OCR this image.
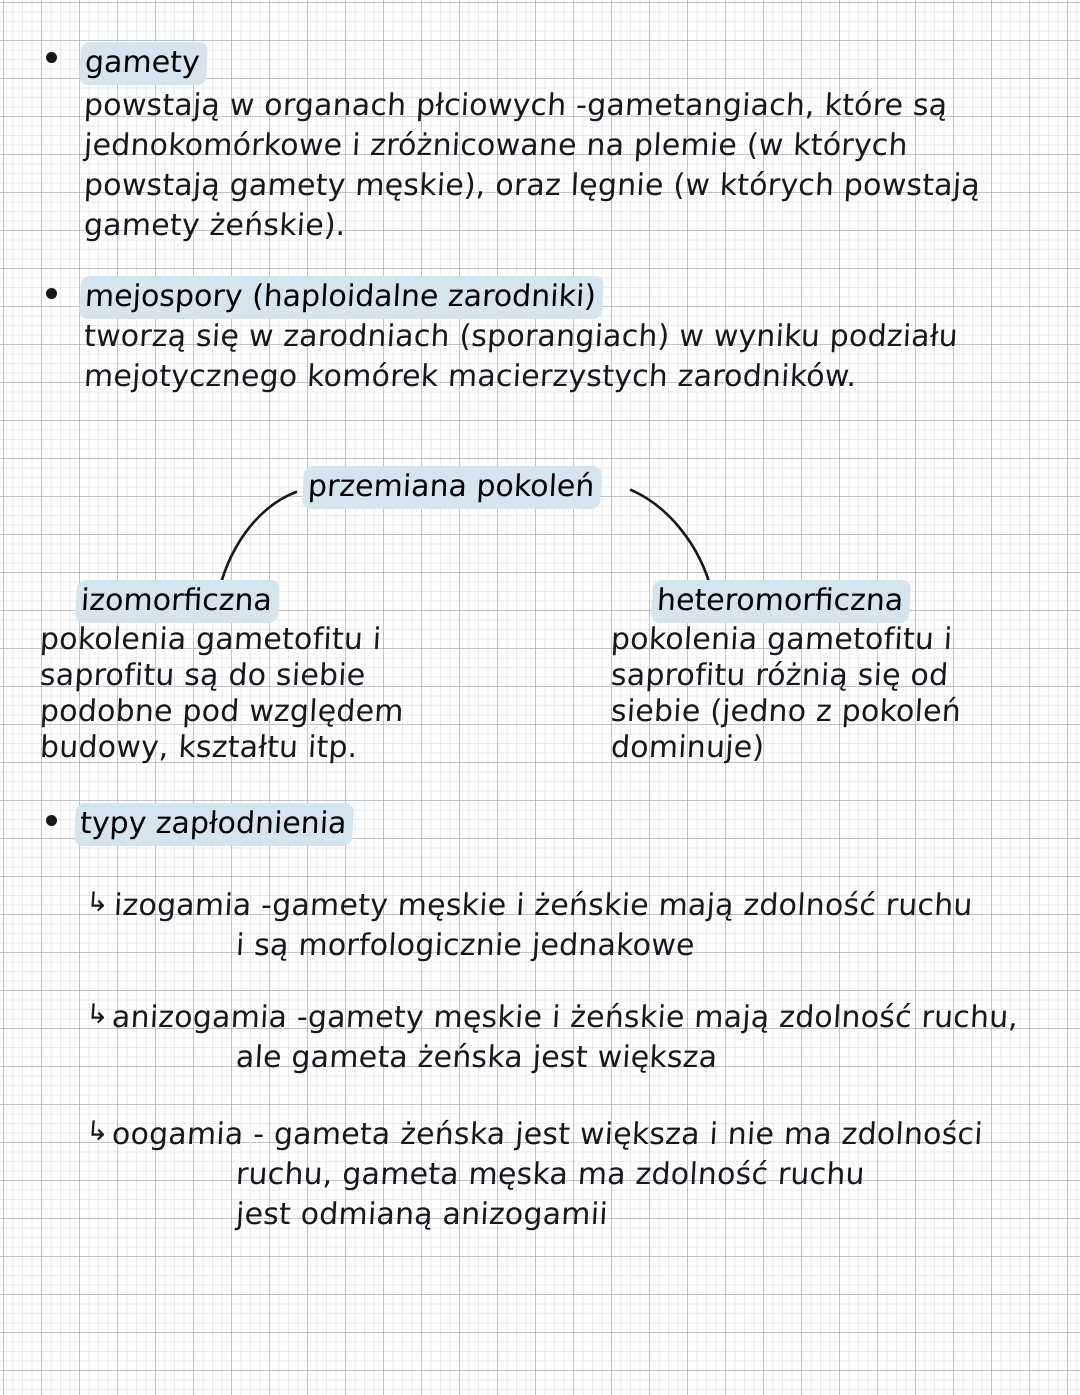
gamety
powstają w organach płciowych -gametangiach, które są
jednokomórkowe i zróżnicowane na plemie (w których
powstają gamety męskie), oraz lęgnie (w których powstają
gamety żeńskie).
mejospory (haploidalne zarodniki)
tworzą się w zarodniach (sporangiach) w wyniku podziału
mejotycznego komórek macierzystych zarodników.
przemiana pokoleń
izomorficzna
pokolenia gametofitu i
saprofitu są do siebie
podobne pod względem
budowy, kształtu itp.
heteromorficzna
pokolenia gametofitu i
saprofitu różnią się od
siebie (jedno z pokoleń
dominuje)
typy zapłodnienia
↳ izogamia -gamety męskie i żeńskie mają zdolność ruchu
i są morfologicznie jednakowe
↳ anizogamia -gamety męskie i żeńskie mają zdolność ruchu,
ale gameta żeńska jest większa
↳ oogamia - gameta żeńska jest większa i nie ma zdolności
ruchu, gameta męska ma zdolność ruchu
jest odmianą anizogamii
